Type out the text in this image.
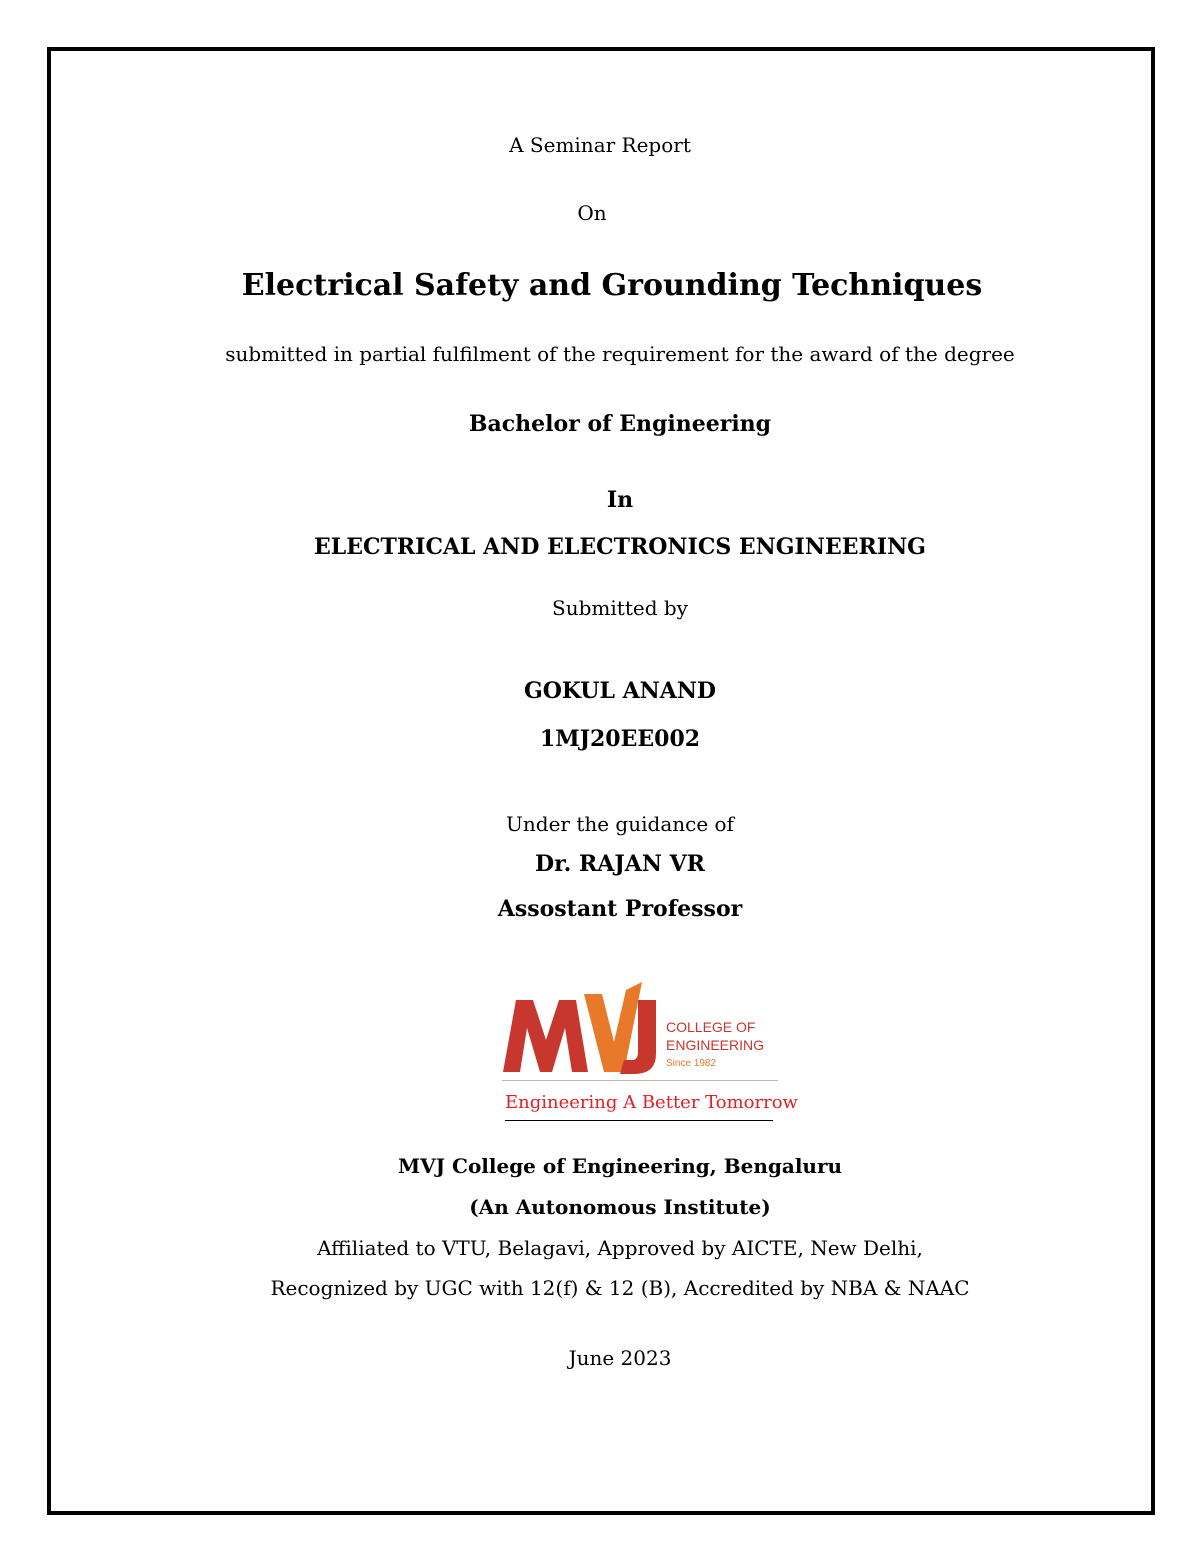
A Seminar Report
On
Electrical Safety and Grounding Techniques
submitted in partial fulfilment of the requirement for the award of the degree
Bachelor of Engineering
In
ELECTRICAL AND ELECTRONICS ENGINEERING
Submitted by
GOKUL ANAND
1MJ20EE002
Under the guidance of
Dr. RAJAN VR
Assostant Professor
COLLEGE OF
ENGINEERING
Since 1982
Engineering A Better Tomorrow
MVJ College of Engineering, Bengaluru
(An Autonomous Institute)
Affiliated to VTU, Belagavi, Approved by AICTE, New Delhi,
Recognized by UGC with 12(f) & 12 (B), Accredited by NBA & NAAC
June 2023
